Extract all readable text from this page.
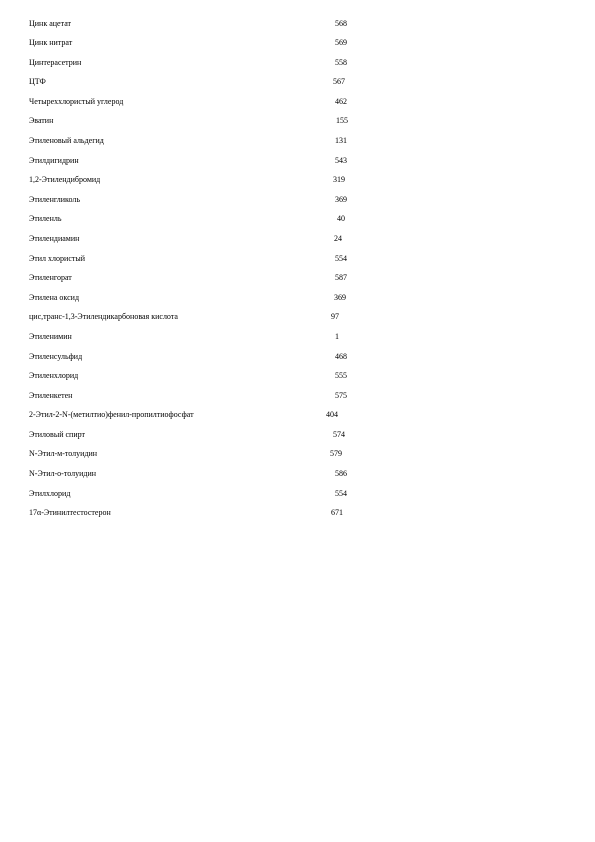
Цинк ацетат	568
Цинк нитрат	569
Цинтерасетрин	558
ЦТФ	567
Четыреххлористый углерод	462
Эватин	155
Этиленовый альдегид	131
Этилдигидрин	543
1,2-Этилендибромид	319
Этиленгликоль	369
Этиленль	40
Этилендиамин	24
Этил хлористый	554
Этиленгорат	587
Этилена оксид	369
цис,транс-1,3-Этилендикарбоновая кислота	97
Этиленимин	1
Этиленсульфид	468
Этиленхлорид	555
Этиленкетен	575
2-Этил-2-N-(метилтио)фенил-пропилтиофосфат	404
Этиловый спирт	574
N-Этил-м-толуидин	579
N-Этил-о-толуидин	586
Этилхлорид	554
17α-Этинилтестостерон	671
